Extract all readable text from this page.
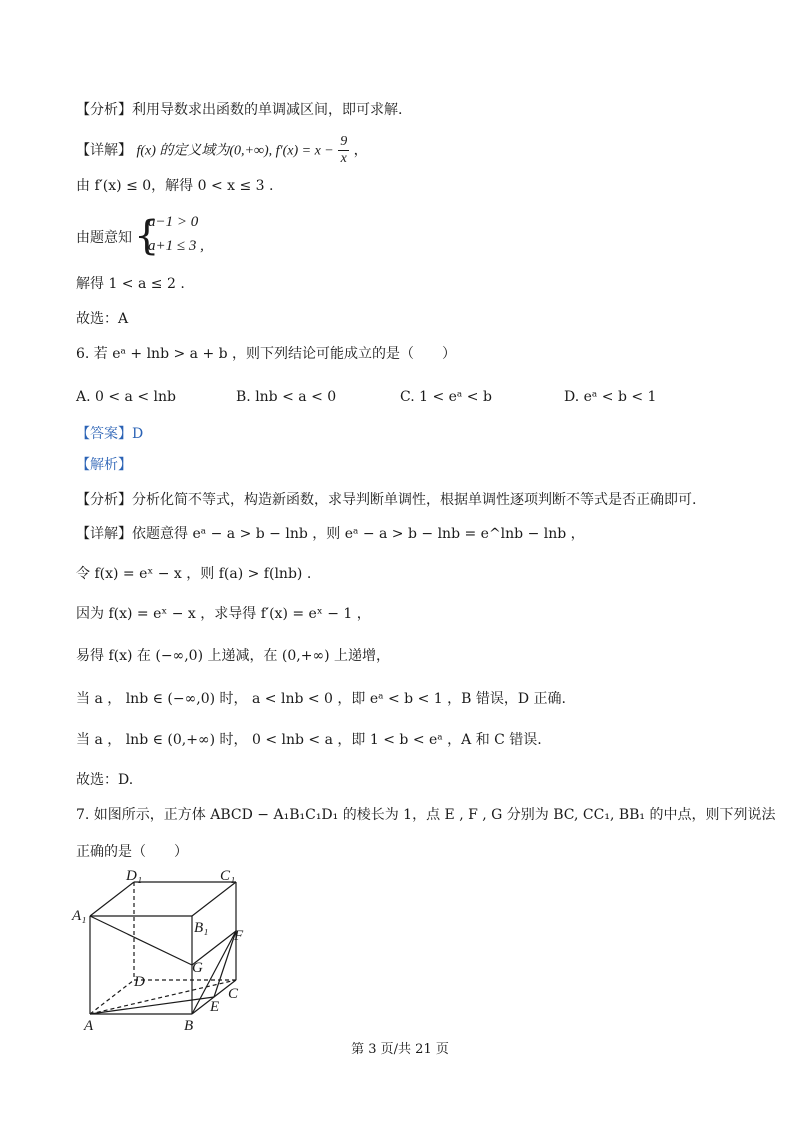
【分析】利用导数求出函数的单调减区间，即可求解.
【详解】 f(x) 的定义域为(0,+∞), $f'(x) = x - \frac{9}{x}$ ，
由 f′(x) ≤ 0，解得 0 < x ≤ 3 .
由题意知 {
a−1 > 0
a+1 ≤ 3 ,
解得 1 < a ≤ 2 .
故选：A
6. 若 eᵃ + lnb > a + b ，则下列结论可能成立的是（　　）
A. 0 < a < lnb	B. lnb < a < 0	C. 1 < eᵃ < b	D. eᵃ < b < 1
【答案】D
【解析】
【分析】分析化简不等式，构造新函数，求导判断单调性，根据单调性逐项判断不等式是否正确即可.
【详解】依题意得 eᵃ − a > b − lnb ，则 eᵃ − a > b − lnb = e^lnb − lnb ，
令 f(x) = eˣ − x ，则 f(a) > f(lnb) .
因为 f(x) = eˣ − x ，求导得 f′(x) = eˣ − 1 ，
易得 f(x) 在 (−∞,0) 上递减，在 (0,+∞) 上递增，
当 a ， lnb ∈ (−∞,0) 时， a < lnb < 0 ，即 eᵃ < b < 1 ，B 错误，D 正确.
当 a ， lnb ∈ (0,+∞) 时， 0 < lnb < a ，即 1 < b < eᵃ ，A 和 C 错误.
故选：D.
7. 如图所示，正方体 ABCD − A₁B₁C₁D₁ 的棱长为 1，点 E , F , G 分别为 BC, CC₁, BB₁ 的中点，则下列说法
正确的是（　　）
A₁
D₁	C₁
B₁ F
G
D
C
E
A	B
第 3 页/共 21 页
